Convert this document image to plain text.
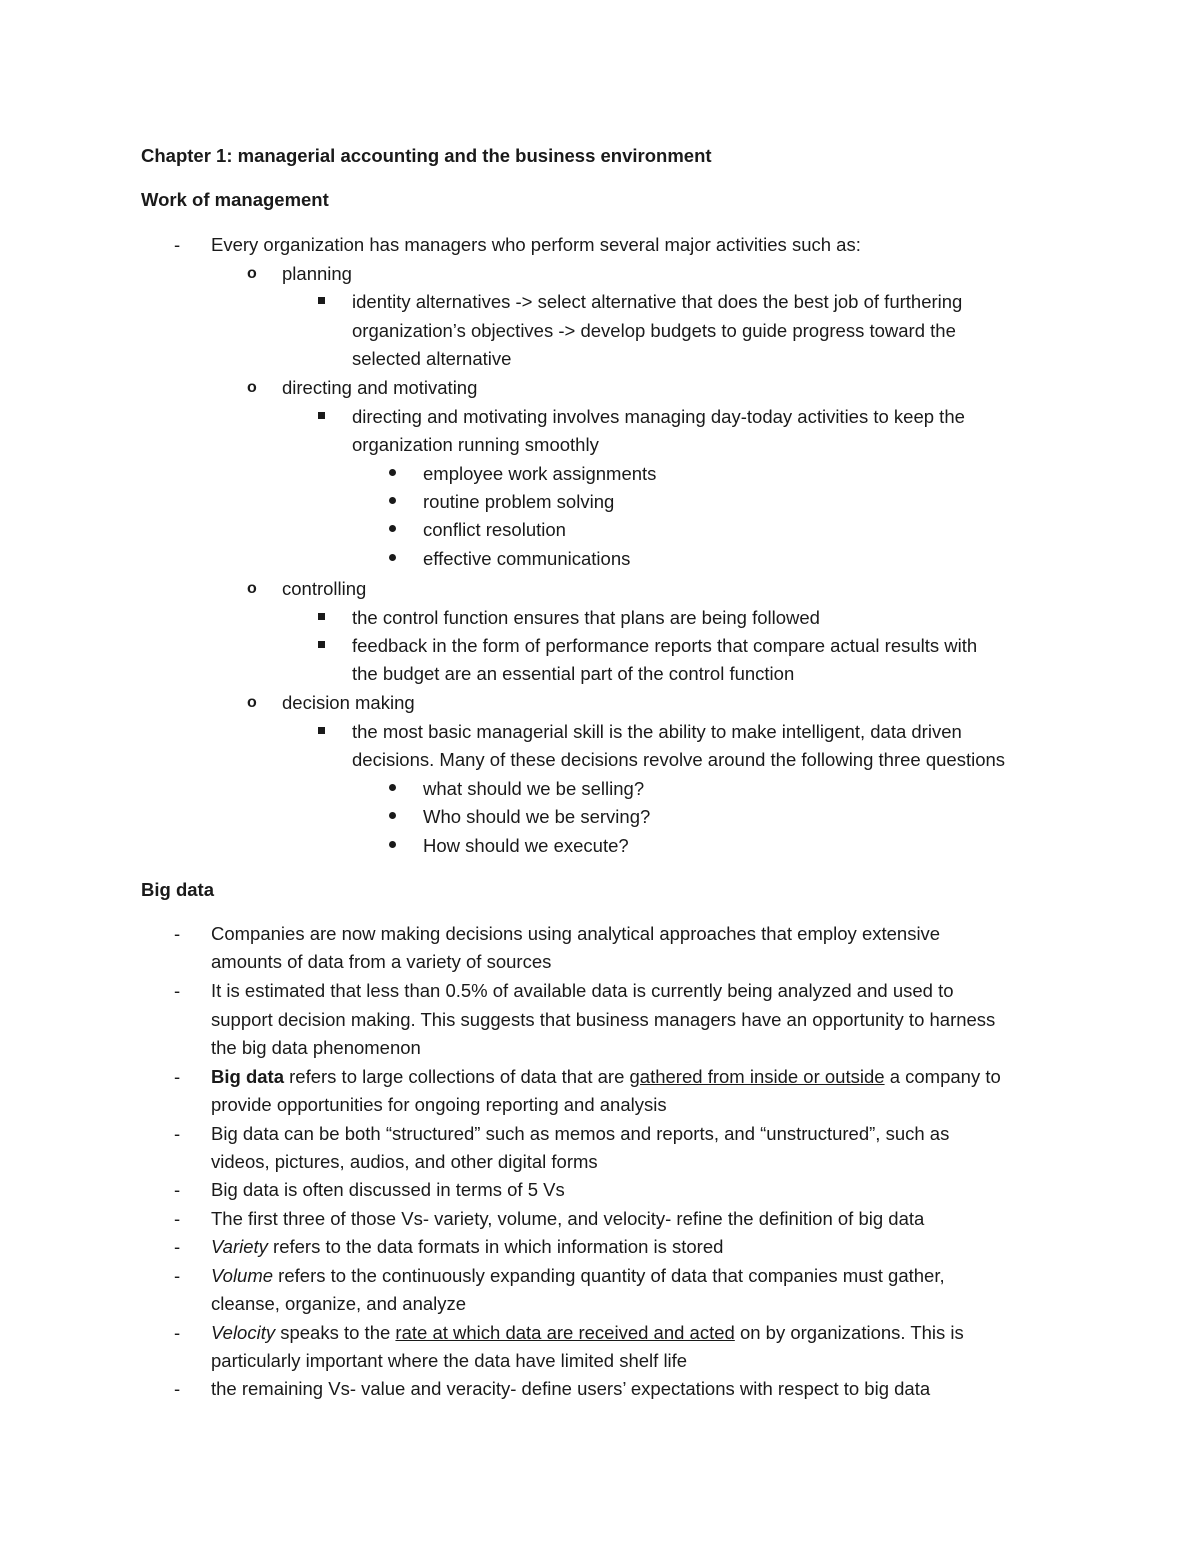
Chapter 1: managerial accounting and the business environment
Work of management
- Every organization has managers who perform several major activities such as:
o planning
identity alternatives -> select alternative that does the best job of furthering
organization’s objectives -> develop budgets to guide progress toward the
selected alternative
o directing and motivating
directing and motivating involves managing day-today activities to keep the
organization running smoothly
employee work assignments
routine problem solving
conflict resolution
effective communications
o controlling
the control function ensures that plans are being followed
feedback in the form of performance reports that compare actual results with
the budget are an essential part of the control function
o decision making
the most basic managerial skill is the ability to make intelligent, data driven
decisions. Many of these decisions revolve around the following three questions
what should we be selling?
Who should we be serving?
How should we execute?
Big data
- Companies are now making decisions using analytical approaches that employ extensive
amounts of data from a variety of sources
- It is estimated that less than 0.5% of available data is currently being analyzed and used to
support decision making. This suggests that business managers have an opportunity to harness
the big data phenomenon
- Big data refers to large collections of data that are gathered from inside or outside a company to
provide opportunities for ongoing reporting and analysis
- Big data can be both “structured” such as memos and reports, and “unstructured”, such as
videos, pictures, audios, and other digital forms
- Big data is often discussed in terms of 5 Vs
- The first three of those Vs- variety, volume, and velocity- refine the definition of big data
- Variety refers to the data formats in which information is stored
- Volume refers to the continuously expanding quantity of data that companies must gather,
cleanse, organize, and analyze
- Velocity speaks to the rate at which data are received and acted on by organizations. This is
particularly important where the data have limited shelf life
- the remaining Vs- value and veracity- define users’ expectations with respect to big data
